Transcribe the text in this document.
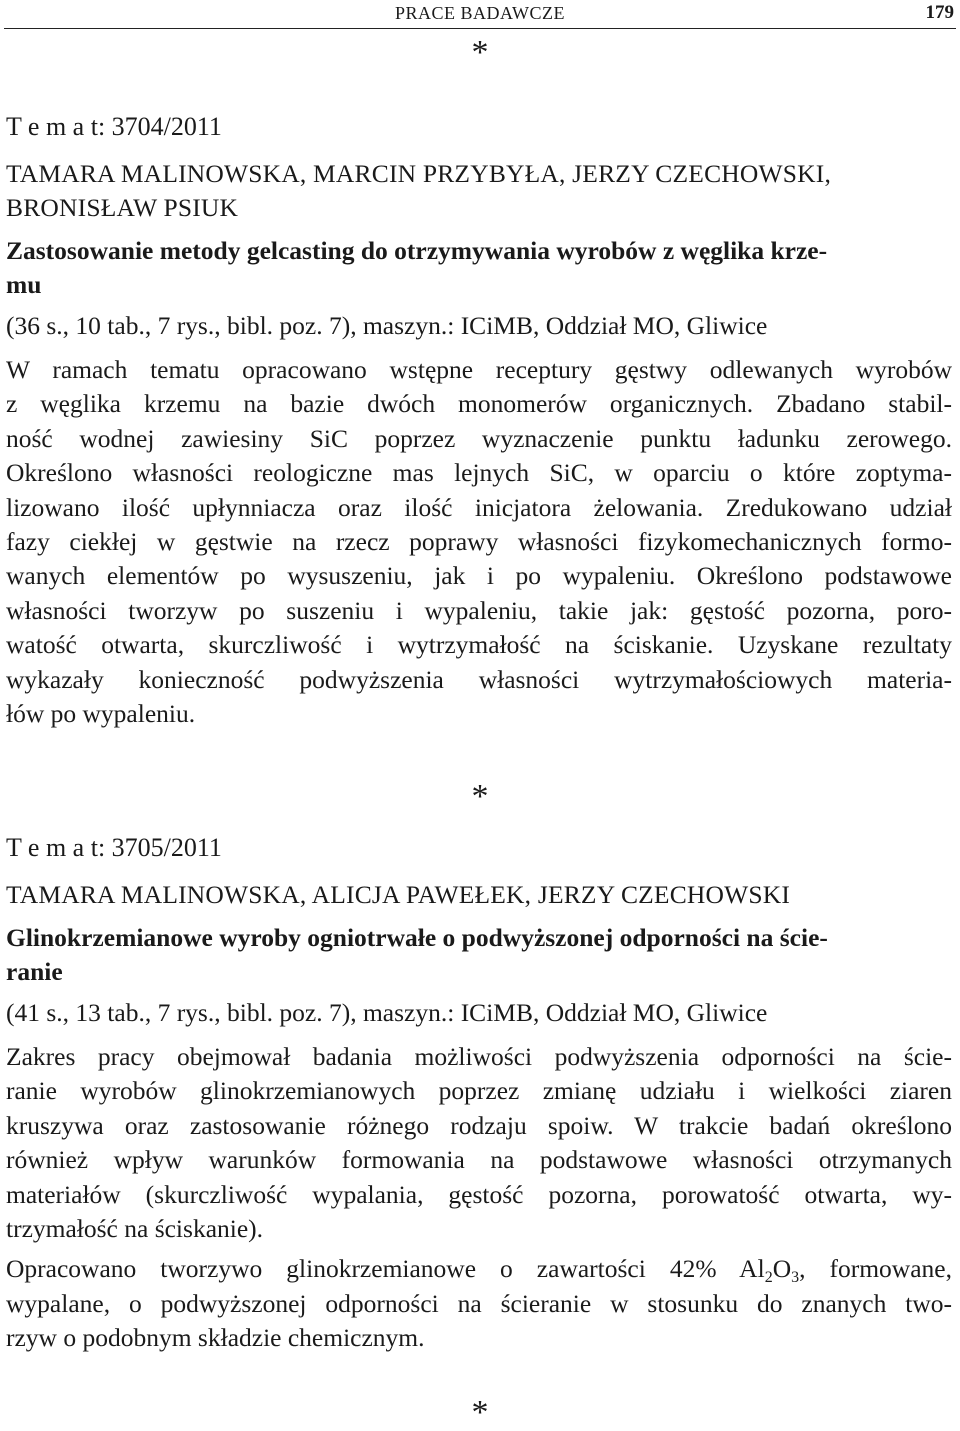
PRACE BADAWCZE	179
*
T e m a t: 3704/2011
TAMARA MALINOWSKA, MARCIN PRZYBYŁA, JERZY CZECHOWSKI,
BRONISŁAW PSIUK
Zastosowanie metody gelcasting do otrzymywania wyrobów z węglika krze-
mu
(36 s., 10 tab., 7 rys., bibl. poz. 7), maszyn.: ICiMB, Oddział MO, Gliwice
W ramach tematu opracowano wstępne receptury gęstwy odlewanych wyrobów
z węglika krzemu na bazie dwóch monomerów organicznych. Zbadano stabil-
ność wodnej zawiesiny SiC poprzez wyznaczenie punktu ładunku zerowego.
Określono własności reologiczne mas lejnych SiC, w oparciu o które zoptyma-
lizowano ilość upłynniacza oraz ilość inicjatora żelowania. Zredukowano udział
fazy ciekłej w gęstwie na rzecz poprawy własności fizykomechanicznych formo-
wanych elementów po wysuszeniu, jak i po wypaleniu. Określono podstawowe
własności tworzyw po suszeniu i wypaleniu, takie jak: gęstość pozorna, poro-
watość otwarta, skurczliwość i wytrzymałość na ściskanie. Uzyskane rezultaty
wykazały konieczność podwyższenia własności wytrzymałościowych materia-
łów po wypaleniu.
*
T e m a t: 3705/2011
TAMARA MALINOWSKA, ALICJA PAWEŁEK, JERZY CZECHOWSKI
Glinokrzemianowe wyroby ogniotrwałe o podwyższonej odporności na ście-
ranie
(41 s., 13 tab., 7 rys., bibl. poz. 7), maszyn.: ICiMB, Oddział MO, Gliwice
Zakres pracy obejmował badania możliwości podwyższenia odporności na ście-
ranie wyrobów glinokrzemianowych poprzez zmianę udziału i wielkości ziaren
kruszywa oraz zastosowanie różnego rodzaju spoiw. W trakcie badań określono
również wpływ warunków formowania na podstawowe własności otrzymanych
materiałów (skurczliwość wypalania, gęstość pozorna, porowatość otwarta, wy-
trzymałość na ściskanie).
Opracowano tworzywo glinokrzemianowe o zawartości 42% $Al_2O_3$, formowane,
wypalane, o podwyższonej odporności na ścieranie w stosunku do znanych two-
rzyw o podobnym składzie chemicznym.
*
